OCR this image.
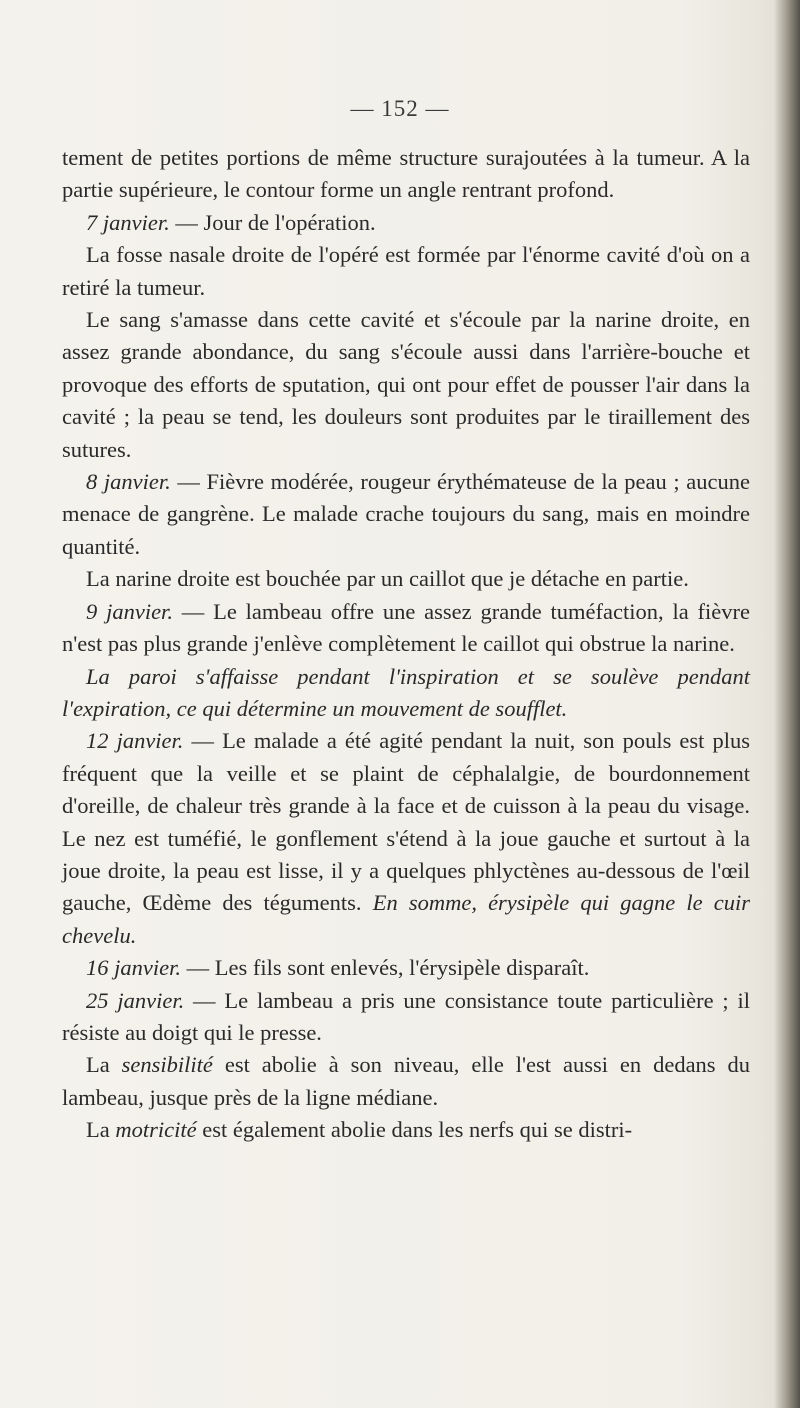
— 152 —

tement de petites portions de même structure surajoutées à la tumeur. A la partie supérieure, le contour forme un angle rentrant profond.

7 janvier. — Jour de l'opération.

La fosse nasale droite de l'opéré est formée par l'énorme cavité d'où on a retiré la tumeur.

Le sang s'amasse dans cette cavité et s'écoule par la narine droite, en assez grande abondance, du sang s'écoule aussi dans l'arrière-bouche et provoque des efforts de sputation, qui ont pour effet de pousser l'air dans la cavité ; la peau se tend, les douleurs sont produites par le tiraillement des sutures.

8 janvier. — Fièvre modérée, rougeur érythémateuse de la peau ; aucune menace de gangrène. Le malade crache toujours du sang, mais en moindre quantité.

La narine droite est bouchée par un caillot que je détache en partie.

9 janvier. — Le lambeau offre une assez grande tuméfaction, la fièvre n'est pas plus grande j'enlève complètement le caillot qui obstrue la narine.

La paroi s'affaisse pendant l'inspiration et se soulève pendant l'expiration, ce qui détermine un mouvement de soufflet.

12 janvier. — Le malade a été agité pendant la nuit, son pouls est plus fréquent que la veille et se plaint de céphalalgie, de bourdonnement d'oreille, de chaleur très grande à la face et de cuisson à la peau du visage. Le nez est tuméfié, le gonflement s'étend à la joue gauche et surtout à la joue droite, la peau est lisse, il y a quelques phlyctènes au-dessous de l'œil gauche, Œdème des téguments. En somme, érysipèle qui gagne le cuir chevelu.

16 janvier. — Les fils sont enlevés, l'érysipèle disparaît.

25 janvier. — Le lambeau a pris une consistance toute particulière ; il résiste au doigt qui le presse.

La sensibilité est abolie à son niveau, elle l'est aussi en dedans du lambeau, jusque près de la ligne médiane.

La motricité est également abolie dans les nerfs qui se distri-
